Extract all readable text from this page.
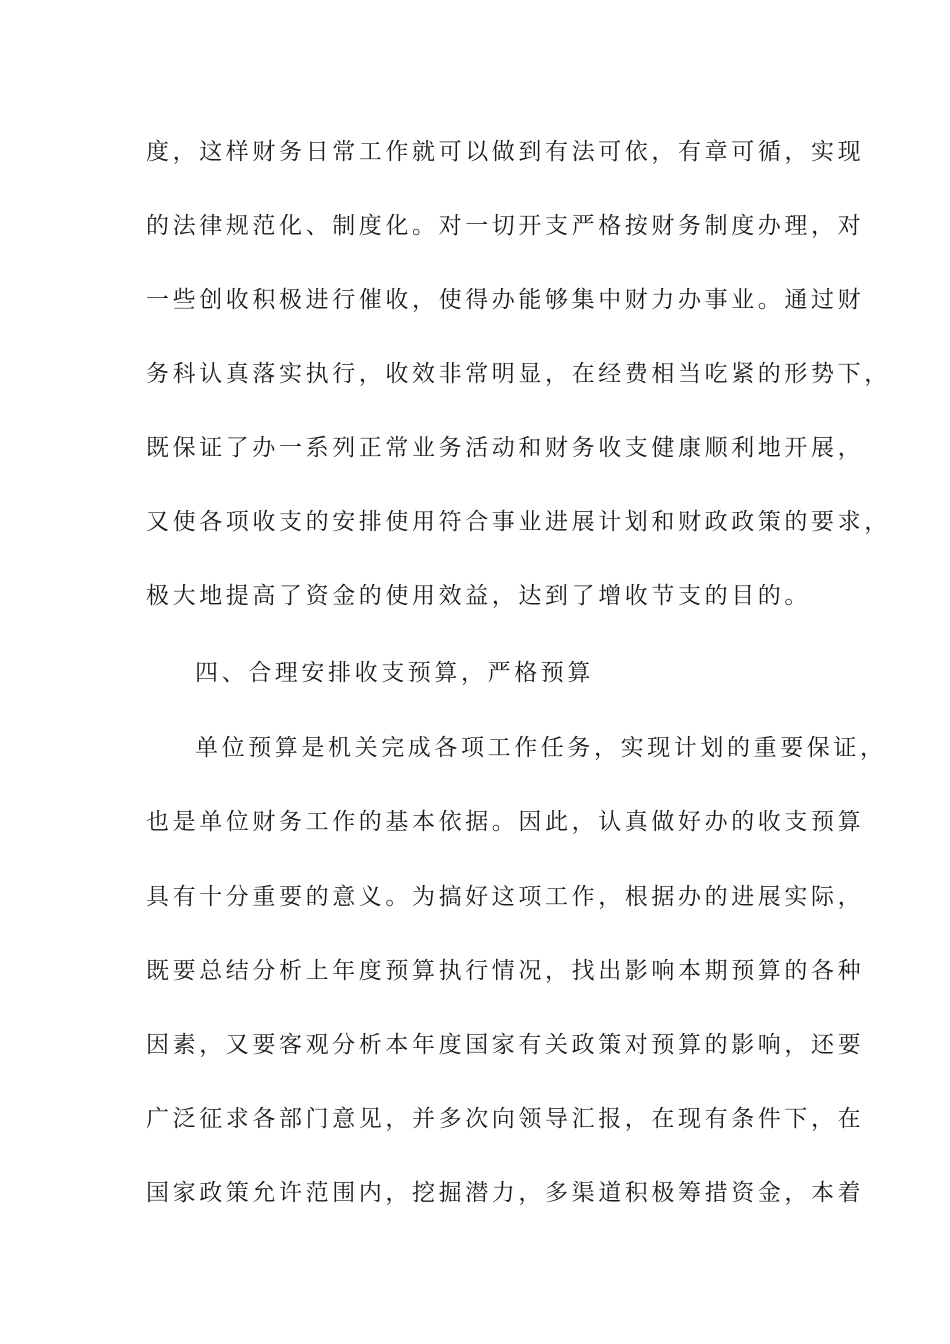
度，这样财务日常工作就可以做到有法可依，有章可循，实现
的法律规范化、制度化。对一切开支严格按财务制度办理，对
一些创收积极进行催收，使得办能够集中财力办事业。通过财
务科认真落实执行，收效非常明显，在经费相当吃紧的形势下，
既保证了办一系列正常业务活动和财务收支健康顺利地开展，
又使各项收支的安排使用符合事业进展计划和财政政策的要求，
极大地提高了资金的使用效益，达到了增收节支的目的。
四、合理安排收支预算，严格预算
单位预算是机关完成各项工作任务，实现计划的重要保证，
也是单位财务工作的基本依据。因此，认真做好办的收支预算
具有十分重要的意义。为搞好这项工作，根据办的进展实际，
既要总结分析上年度预算执行情况，找出影响本期预算的各种
因素，又要客观分析本年度国家有关政策对预算的影响，还要
广泛征求各部门意见，并多次向领导汇报，在现有条件下，在
国家政策允许范围内，挖掘潜力，多渠道积极筹措资金，本着
